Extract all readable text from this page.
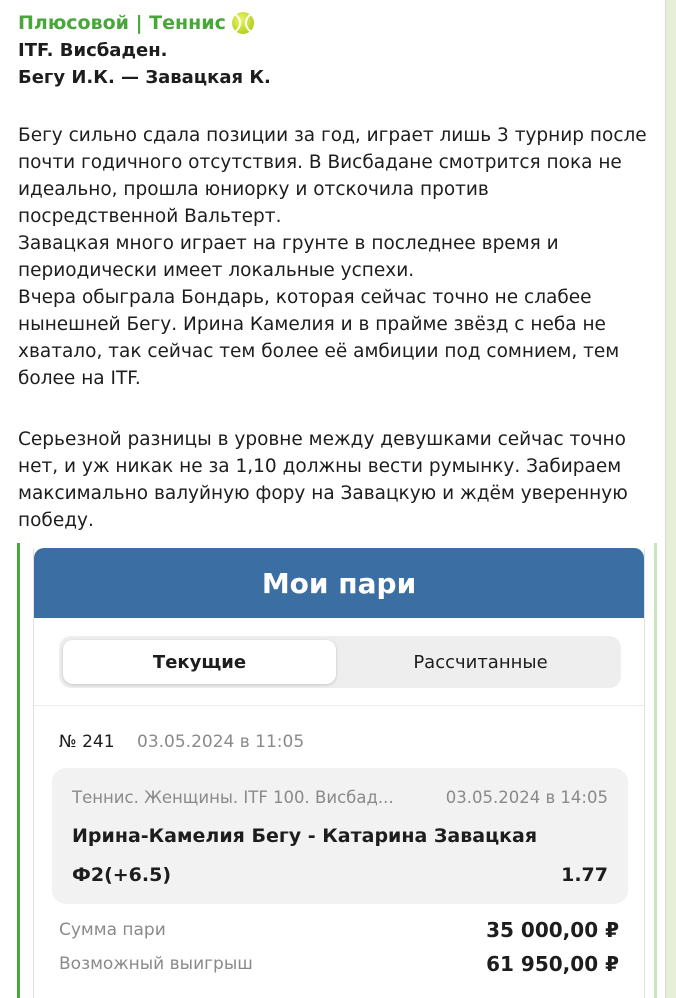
Плюсовой | Теннис
ITF. Висбаден.
Бегу И.К. — Завацкая К.

Бегу сильно сдала позиции за год, играет лишь 3 турнир после

почти годичного отсутствия. В Висбадане смотрится пока не

идеально, прошла юниорку и отскочила против

посредственной Вальтерт.

Завацкая много играет на грунте в последнее время и

периодически имеет локальные успехи.

Вчера обыграла Бондарь, которая сейчас точно не слабее

нынешней Бегу. Ирина Камелия и в прайме звёзд с неба не

хватало, так сейчас тем более её амбиции под сомнием, тем

более на ITF.

Серьезной разницы в уровне между девушками сейчас точно

нет, и уж никак не за 1,10 должны вести румынку. Забираем

максимально валуйную фору на Завацкую и ждём уверенную

победу.

Мои пари
Текущие	Рассчитанные
№ 241 03.05.2024 в 11:05
Теннис. Женщины. ITF 100. Висбад...	03.05.2024 в 14:05
Ирина-Камелия Бегу - Катарина Завацкая
Ф2(+6.5)	1.77
Сумма пари	35 000,00 ₽
Возможный выигрыш	61 950,00 ₽
